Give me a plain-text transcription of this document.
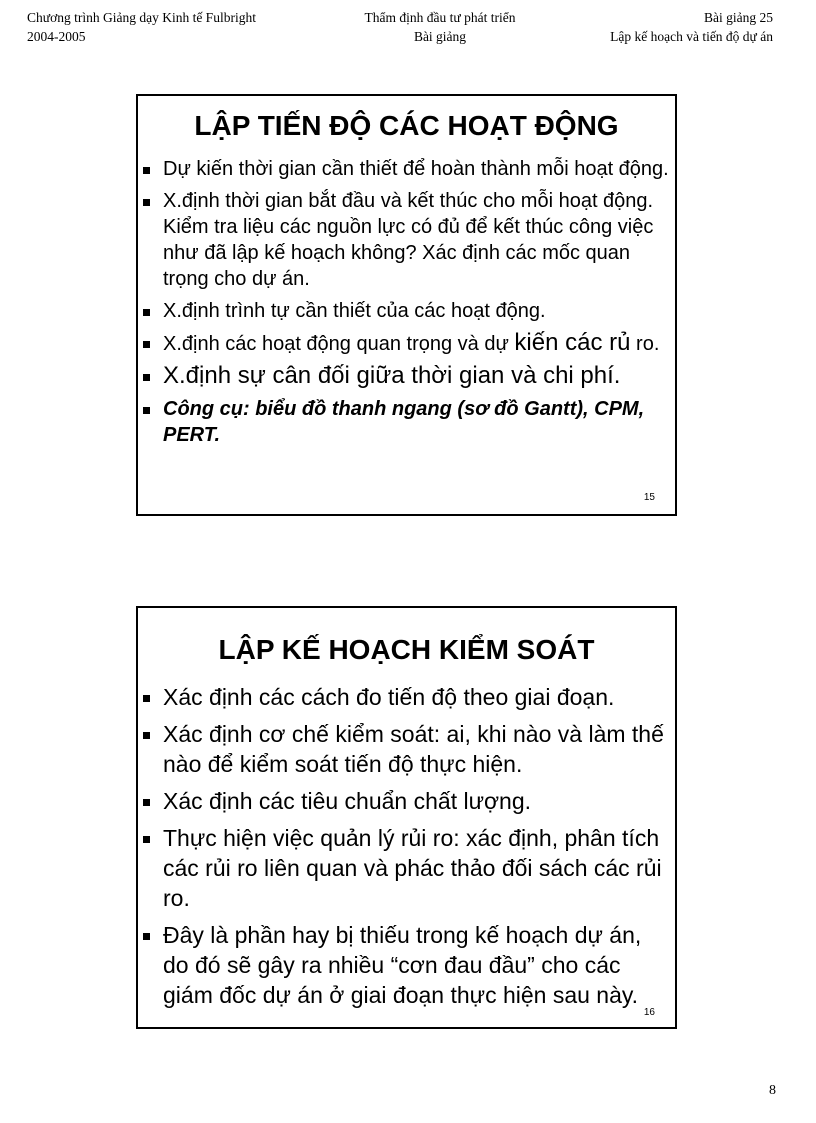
Chương trình Giảng dạy Kinh tế Fulbright
2004-2005
Thẩm định đầu tư phát triển
Bài giảng
Bài giảng 25
Lập kế hoạch và tiến độ dự án
LẬP TIẾN ĐỘ CÁC HOẠT ĐỘNG
Dự kiến thời gian cần thiết để hoàn thành mỗi hoạt động.
X.định thời gian bắt đầu và kết thúc cho mỗi hoạt động. Kiểm tra liệu các nguồn lực có đủ để kết thúc công việc như đã lập kế hoạch không? Xác định các mốc quan trọng cho dự án.
X.định trình tự cần thiết của các hoạt động.
X.định các hoạt động quan trọng và dự kiến các rủ ro.
X.định sự cân đối giữa thời gian và chi phí.
Công cụ: biểu đồ thanh ngang (sơ đồ Gantt), CPM, PERT.
15
LẬP KẾ HOẠCH KIỂM SOÁT
Xác định các cách đo tiến độ theo giai đoạn.
Xác định cơ chế kiểm soát: ai, khi nào và làm thế nào để kiểm soát tiến độ thực hiện.
Xác định các tiêu chuẩn chất lượng.
Thực hiện việc quản lý rủi ro: xác định, phân tích các rủi ro liên quan và phác thảo đối sách các rủi ro.
Đây là phần hay bị thiếu trong kế hoạch dự án, do đó sẽ gây ra nhiều “cơn đau đầu” cho các giám đốc dự án ở giai đoạn thực hiện sau này.
16
8
